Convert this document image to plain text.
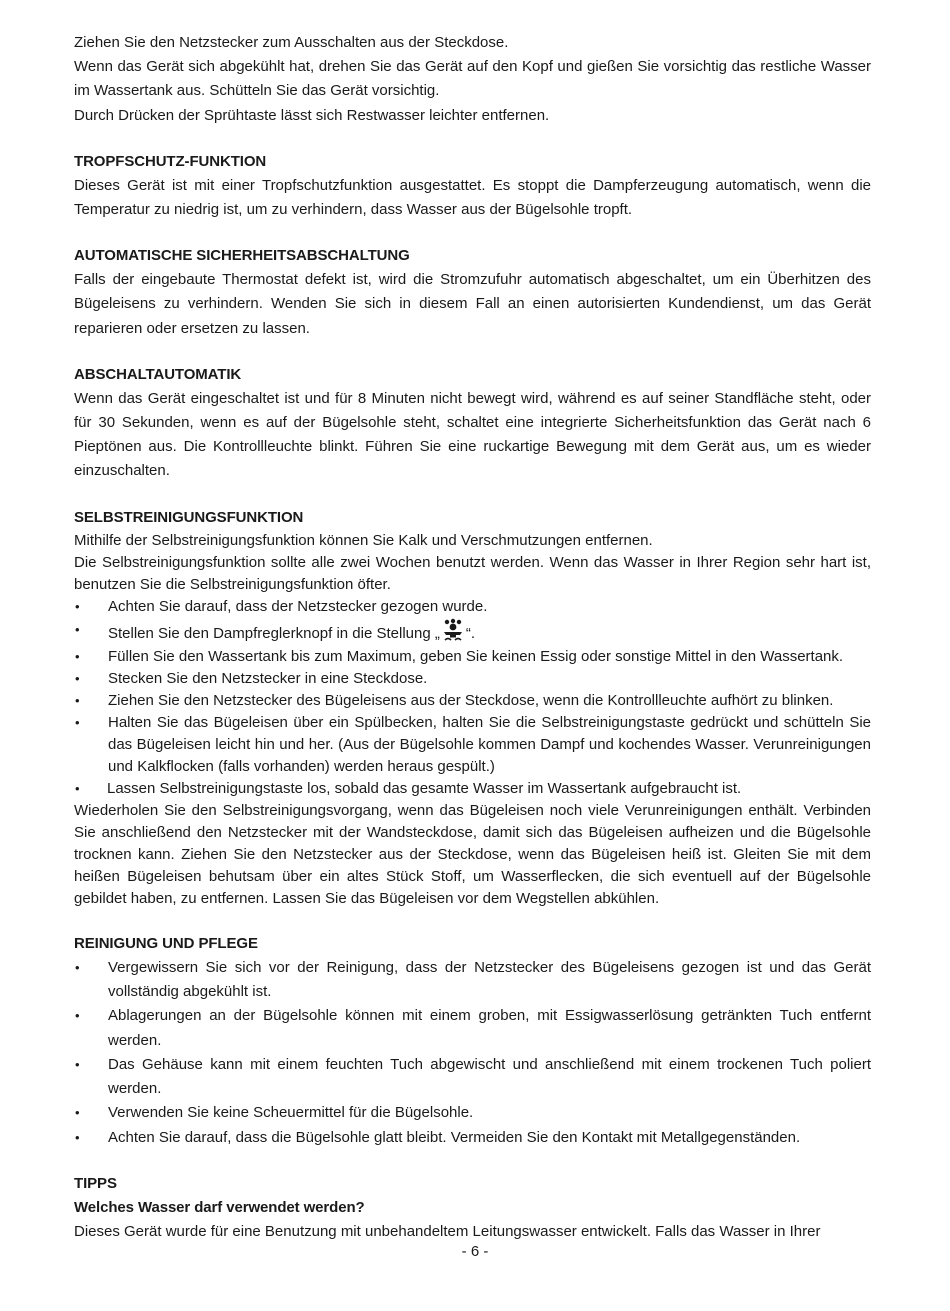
Ziehen Sie den Netzstecker zum Ausschalten aus der Steckdose.

Wenn das Gerät sich abgekühlt hat, drehen Sie das Gerät auf den Kopf und gießen Sie vorsichtig das restliche Wasser im Wassertank aus. Schütteln Sie das Gerät vorsichtig.

Durch Drücken der Sprühtaste lässt sich Restwasser leichter entfernen.

TROPFSCHUTZ-FUNKTION

Dieses Gerät ist mit einer Tropfschutzfunktion ausgestattet. Es stoppt die Dampferzeugung automatisch, wenn die Temperatur zu niedrig ist, um zu verhindern, dass Wasser aus der Bügelsohle tropft.

AUTOMATISCHE SICHERHEITSABSCHALTUNG

Falls der eingebaute Thermostat defekt ist, wird die Stromzufuhr automatisch abgeschaltet, um ein Überhitzen des Bügeleisens zu verhindern. Wenden Sie sich in diesem Fall an einen autorisierten Kundendienst, um das Gerät reparieren oder ersetzen zu lassen.

ABSCHALTAUTOMATIK

Wenn das Gerät eingeschaltet ist und für 8 Minuten nicht bewegt wird, während es auf seiner Standfläche steht, oder für 30 Sekunden, wenn es auf der Bügelsohle steht, schaltet eine integrierte Sicherheitsfunktion das Gerät nach 6 Pieptönen aus. Die Kontrollleuchte blinkt. Führen Sie eine ruckartige Bewegung mit dem Gerät aus, um es wieder einzuschalten.

SELBSTREINIGUNGSFUNKTION

Mithilfe der Selbstreinigungsfunktion können Sie Kalk und Verschmutzungen entfernen.

Die Selbstreinigungsfunktion sollte alle zwei Wochen benutzt werden. Wenn das Wasser in Ihrer Region sehr hart ist, benutzen Sie die Selbstreinigungsfunktion öfter.

• Achten Sie darauf, dass der Netzstecker gezogen wurde.
• Stellen Sie den Dampfreglerknopf in die Stellung „ “.
• Füllen Sie den Wassertank bis zum Maximum, geben Sie keinen Essig oder sonstige Mittel in den Wassertank.
• Stecken Sie den Netzstecker in eine Steckdose.
• Ziehen Sie den Netzstecker des Bügeleisens aus der Steckdose, wenn die Kontrollleuchte aufhört zu blinken.
• Halten Sie das Bügeleisen über ein Spülbecken, halten Sie die Selbstreinigungstaste gedrückt und schütteln Sie das Bügeleisen leicht hin und her. (Aus der Bügelsohle kommen Dampf und kochendes Wasser. Verunreinigungen und Kalkflocken (falls vorhanden) werden heraus gespült.)
• Lassen Selbstreinigungstaste los, sobald das gesamte Wasser im Wassertank aufgebraucht ist.

Wiederholen Sie den Selbstreinigungsvorgang, wenn das Bügeleisen noch viele Verunreinigungen enthält. Verbinden Sie anschließend den Netzstecker mit der Wandsteckdose, damit sich das Bügeleisen aufheizen und die Bügelsohle trocknen kann. Ziehen Sie den Netzstecker aus der Steckdose, wenn das Bügeleisen heiß ist. Gleiten Sie mit dem heißen Bügeleisen behutsam über ein altes Stück Stoff, um Wasserflecken, die sich eventuell auf der Bügelsohle gebildet haben, zu entfernen. Lassen Sie das Bügeleisen vor dem Wegstellen abkühlen.

REINIGUNG UND PFLEGE
• Vergewissern Sie sich vor der Reinigung, dass der Netzstecker des Bügeleisens gezogen ist und das Gerät vollständig abgekühlt ist.
• Ablagerungen an der Bügelsohle können mit einem groben, mit Essigwasserlösung getränkten Tuch entfernt werden.
• Das Gehäuse kann mit einem feuchten Tuch abgewischt und anschließend mit einem trockenen Tuch poliert werden.
• Verwenden Sie keine Scheuermittel für die Bügelsohle.
• Achten Sie darauf, dass die Bügelsohle glatt bleibt. Vermeiden Sie den Kontakt mit Metallgegenständen.
TIPPS
Welches Wasser darf verwendet werden?

Dieses Gerät wurde für eine Benutzung mit unbehandeltem Leitungswasser entwickelt. Falls das Wasser in Ihrer

- 6 -
